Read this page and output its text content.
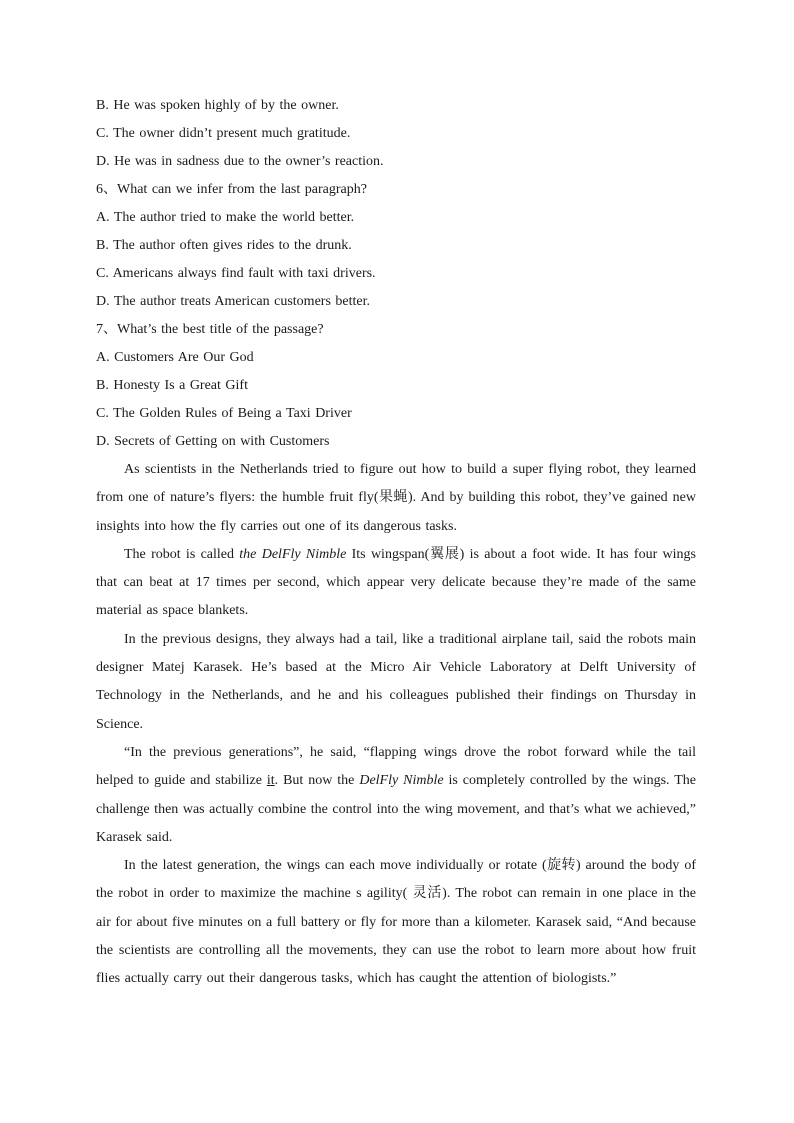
B. He was spoken highly of by the owner.
C. The owner didn’t present much gratitude.
D. He was in sadness due to the owner’s reaction.
6、What can we infer from the last paragraph?
A. The author tried to make the world better.
B. The author often gives rides to the drunk.
C. Americans always find fault with taxi drivers.
D. The author treats American customers better.
7、What’s the best title of the passage?
A. Customers Are Our God
B. Honesty Is a Great Gift
C. The Golden Rules of Being a Taxi Driver
D. Secrets of Getting on with Customers

As scientists in the Netherlands tried to figure out how to build a super flying robot, they learned from one of nature’s flyers: the humble fruit fly(果蝇). And by building this robot, they’ve gained new insights into how the fly carries out one of its dangerous tasks.

The robot is called the DelFly Nimble Its wingspan(翼展) is about a foot wide. It has four wings that can beat at 17 times per second, which appear very delicate because they’re made of the same material as space blankets.

In the previous designs, they always had a tail, like a traditional airplane tail, said the robots main designer Matej Karasek. He’s based at the Micro Air Vehicle Laboratory at Delft University of Technology in the Netherlands, and he and his colleagues published their findings on Thursday in Science.

“In the previous generations”, he said, “flapping wings drove the robot forward while the tail helped to guide and stabilize it. But now the DelFly Nimble is completely controlled by the wings. The challenge then was actually combine the control into the wing movement, and that’s what we achieved,” Karasek said.

In the latest generation, the wings can each move individually or rotate (旋转) around the body of the robot in order to maximize the machine s agility( 灵活). The robot can remain in one place in the air for about five minutes on a full battery or fly for more than a kilometer. Karasek said, “And because the scientists are controlling all the movements, they can use the robot to learn more about how fruit flies actually carry out their dangerous tasks, which has caught the attention of biologists.”
